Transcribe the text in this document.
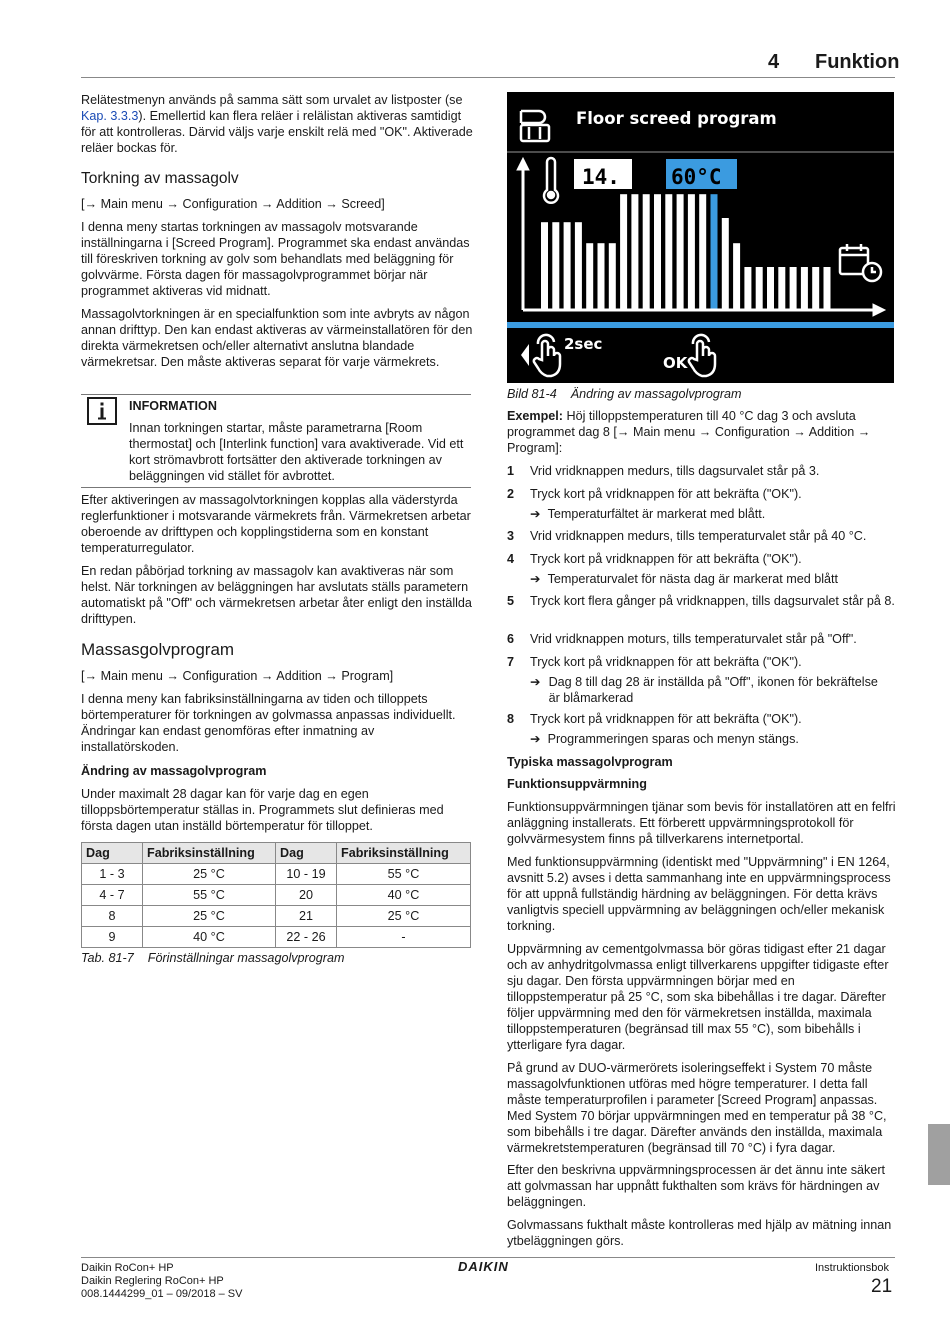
4 Funktion

Relätestmenyn används på samma sätt som urvalet av listposter (se Kap. 3.3.3). Emellertid kan flera reläer i relälistan aktiveras samtidigt för att kontrolleras. Därvid väljs varje enskilt relä med "OK". Aktiverade reläer bockas för.

Torkning av massagolv

[→ Main menu → Configuration → Addition → Screed]

I denna meny startas torkningen av massagolv motsvarande inställningarna i [Screed Program]. Programmet ska endast användas till föreskriven torkning av golv som behandlats med beläggning för golvvärme. Första dagen för massagolvprogrammet börjar när programmet aktiveras vid midnatt.

Massagolvtorkningen är en specialfunktion som inte avbryts av någon annan drifttyp. Den kan endast aktiveras av värmeinstallatören för den direkta värmekretsen och/eller alternativt anslutna blandade värmekretsar. Den måste aktiveras separat för varje värmekrets.

INFORMATION

Innan torkningen startar, måste parametrarna [Room thermostat] och [Interlink function] vara avaktiverade. Vid ett kort strömavbrott fortsätter den aktiverade torkningen av beläggningen vid stället för avbrottet.

Efter aktiveringen av massagolvtorkningen kopplas alla väderstyrda reglerfunktioner i motsvarande värmekrets från. Värmekretsen arbetar oberoende av drifttypen och kopplingstiderna som en konstant temperaturregulator.

En redan påbörjad torkning av massagolv kan avaktiveras när som helst. När torkningen av beläggningen har avslutats ställs parametern automatiskt på "Off" och värmekretsen arbetar åter enligt den inställda drifttypen.

Massasgolvprogram

[→ Main menu → Configuration → Addition → Program]

I denna meny kan fabriksinställningarna av tiden och tilloppets börtemperaturer för torkningen av golvmassa anpassas individuellt. Ändringar kan endast genomföras efter inmatning av installatörskoden.

Ändring av massagolvprogram

Under maximalt 28 dagar kan för varje dag en egen tilloppsbörtemperatur ställas in. Programmets slut definieras med första dagen utan inställd börtemperatur för tilloppet.

Dag	Fabriksinställning	Dag	Fabriksinställning
1 - 3	25 °C	10 - 19	55 °C
4 - 7	55 °C	20	40 °C
8	25 °C	21	25 °C
9	40 °C	22 - 26	-
Tab. 81-7 Förinställningar massagolvprogram
Floor screed program
14. 60°C
2sec
OK
Bild 81-4 Ändring av massagolvprogram

Exempel: Höj tilloppstemperaturen till 40 °C dag 3 och avsluta programmet dag 8 [→ Main menu → Configuration → Addition → Program]:

1 Vrid vridknappen medurs, tills dagsurvalet står på 3.
2 Tryck kort på vridknappen för att bekräfta ("OK").
➔ Temperaturfältet är markerat med blått.
3 Vrid vridknappen medurs, tills temperaturvalet står på 40 °C.
4 Tryck kort på vridknappen för att bekräfta ("OK").
➔ Temperaturvalet för nästa dag är markerat med blått
5 Tryck kort flera gånger på vridknappen, tills dagsurvalet står på 8.
6 Vrid vridknappen moturs, tills temperaturvalet står på "Off".
7 Tryck kort på vridknappen för att bekräfta ("OK").
➔ Dag 8 till dag 28 är inställda på "Off", ikonen för bekräftelse är blåmarkerad
8 Tryck kort på vridknappen för att bekräfta ("OK").
➔ Programmeringen sparas och menyn stängs.
Typiska massagolvprogram
Funktionsuppvärmning

Funktionsuppvärmningen tjänar som bevis för installatören att en felfri anläggning installerats. Ett förberett uppvärmningsprotokoll för golvvärmesystem finns på tillverkarens internetportal.

Med funktionsuppvärmning (identiskt med "Uppvärmning" i EN 1264, avsnitt 5.2) avses i detta sammanhang inte en uppvärmningsprocess för att uppnå fullständig härdning av beläggningen. För detta krävs vanligtvis speciell uppvärmning av beläggningen och/eller mekanisk torkning.

Uppvärmning av cementgolvmassa bör göras tidigast efter 21 dagar och av anhydritgolvmassa enligt tillverkarens uppgifter tidigaste efter sju dagar. Den första uppvärmningen börjar med en tilloppstemperatur på 25 °C, som ska bibehållas i tre dagar. Därefter följer uppvärmning med den för värmekretsen inställda, maximala tilloppstemperaturen (begränsad till max 55 °C), som bibehålls i ytterligare fyra dagar.

På grund av DUO-värmerörets isoleringseffekt i System 70 måste massagolvfunktionen utföras med högre temperaturer. I detta fall måste temperaturprofilen i parameter [Screed Program] anpassas. Med System 70 börjar uppvärmningen med en temperatur på 38 °C, som bibehålls i tre dagar. Därefter används den inställda, maximala värmekretstemperaturen (begränsad till 70 °C) i fyra dagar.

Efter den beskrivna uppvärmningsprocessen är det ännu inte säkert att golvmassan har uppnått fukthalten som krävs för härdningen av beläggningen.

Golvmassans fukthalt måste kontrolleras med hjälp av mätning innan ytbeläggningen görs.

Daikin RoCon+ HP
Daikin Reglering RoCon+ HP
008.1444299_01 – 09/2018 – SV
DAIKIN	Instruktionsbok
21
